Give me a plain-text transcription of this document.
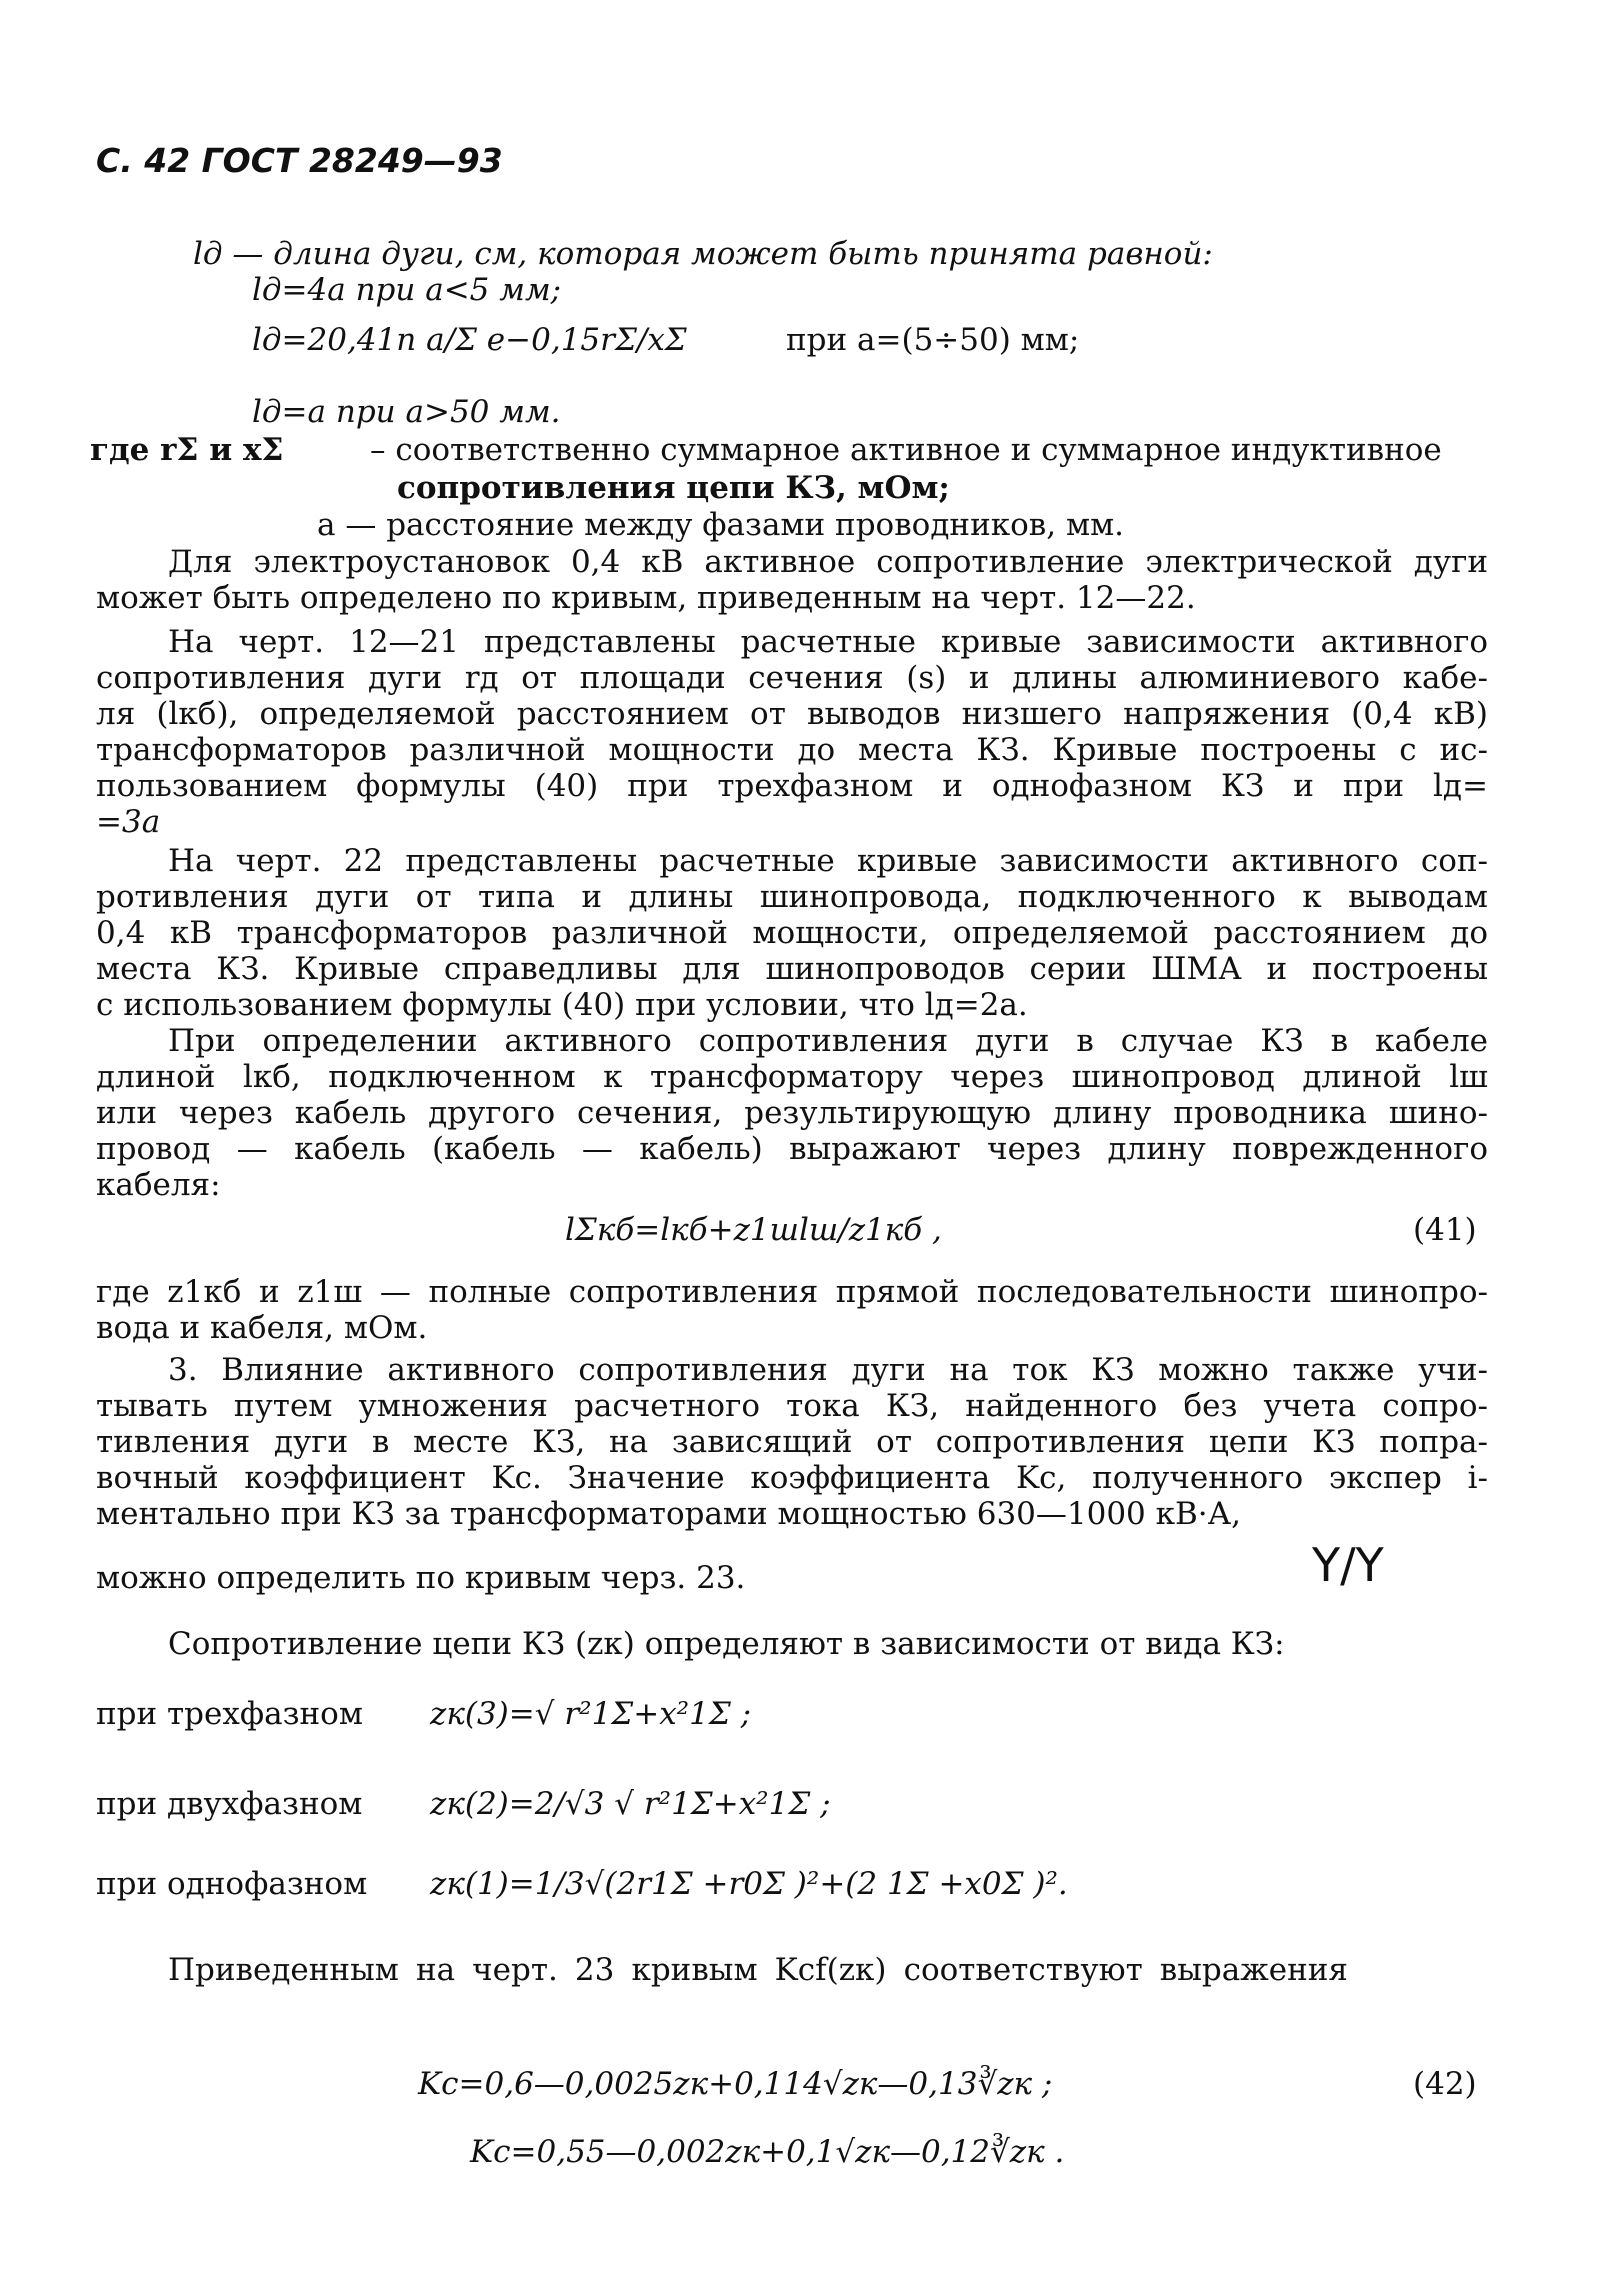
С. 42 ГОСТ 28249—93
lд — длина дуги, см, которая может быть принята равной:
lд=4a при a<5 мм;
lд=20,41n a/Σ e−0,15rΣ/xΣ	при a=(5÷50) мм;
lд=a при a>50 мм.
где rΣ и xΣ	– соответственно суммарное активное и суммарное индуктивное
сопротивления цепи КЗ, мОм;
a — расстояние между фазами проводников, мм.
Для электроустановок 0,4 кВ активное сопротивление электрической дуги
может быть определено по кривым, приведенным на черт. 12—22.
На черт. 12—21 представлены расчетные кривые зависимости активного
сопротивления дуги rд от площади сечения (s) и длины алюминиевого кабе-
ля (lкб), определяемой расстоянием от выводов низшего напряжения (0,4 кВ)
трансформаторов различной мощности до места КЗ. Кривые построены с ис-
пользованием формулы (40) при трехфазном и однофазном КЗ и при lд=
=3a
На черт. 22 представлены расчетные кривые зависимости активного соп-
ротивления дуги от типа и длины шинопровода, подключенного к выводам
0,4 кВ трансформаторов различной мощности, определяемой расстоянием до
места КЗ. Кривые справедливы для шинопроводов серии ШМА и построены
с использованием формулы (40) при условии, что lд=2a.
При определении активного сопротивления дуги в случае КЗ в кабеле
длиной lкб, подключенном к трансформатору через шинопровод длиной lш
или через кабель другого сечения, результирующую длину проводника шино-
провод — кабель (кабель — кабель) выражают через длину поврежденного
кабеля:
lΣкб=lкб+z1шlш/z1кб ,	(41)
где z1кб и z1ш — полные сопротивления прямой последовательности шинопро-
вода и кабеля, мОм.
3. Влияние активного сопротивления дуги на ток КЗ можно также учи-
тывать путем умножения расчетного тока КЗ, найденного без учета сопро-
тивления дуги в месте КЗ, на зависящий от сопротивления цепи КЗ попра-
вочный коэффициент Kс. Значение коэффициента Kс, полученного экспер i-
ментально при КЗ за трансформаторами мощностью 630—1000 кВ·А,
можно определить по кривым черз. 23.	Y/Y
Сопротивление цепи КЗ (zк) определяют в зависимости от вида КЗ:
при трехфазном zк(3)=√ r²1Σ+x²1Σ ;
при двухфазном zк(2)=2/√3 √ r²1Σ+x²1Σ ;
при однофазном zк(1)=1/3√(2r1Σ +r0Σ )²+(2 1Σ +x0Σ )².
Приведенным на черт. 23 кривым Kсf(zк) соответствуют выражения
Kс=0,6—0,0025zк+0,114√zк—0,13∛zк ;	(42)
Kс=0,55—0,002zк+0,1√zк—0,12∛zк .
